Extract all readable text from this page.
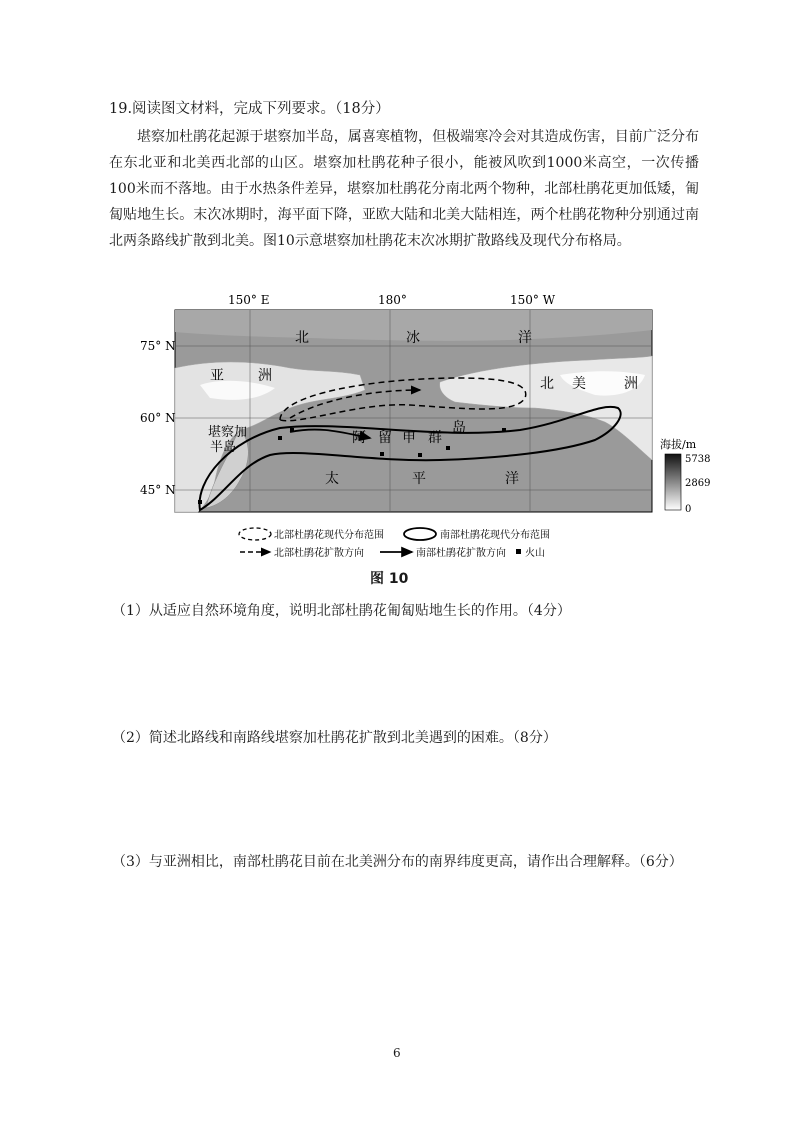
19.阅读图文材料，完成下列要求。（18分）
堪察加杜鹃花起源于堪察加半岛，属喜寒植物，但极端寒冷会对其造成伤害，目前广泛分布在东北亚和北美西北部的山区。堪察加杜鹃花种子很小，能被风吹到1000米高空，一次传播100米而不落地。由于水热条件差异，堪察加杜鹃花分南北两个物种，北部杜鹃花更加低矮，匍匐贴地生长。末次冰期时，海平面下降，亚欧大陆和北美大陆相连，两个杜鹃花物种分别通过南北两条路线扩散到北美。图10示意堪察加杜鹃花末次冰期扩散路线及现代分布格局。
150° E	180°	150° W
75° N
60° N
45° N
北	冰	洋
亚 洲	北 美	洲
堪察加
半岛
阿 留 申 群
岛
太	平	洋
海拔/m
5738
2869
0
北部杜鹃花现代分布范围	南部杜鹃花现代分布范围
北部杜鹃花扩散方向	南部杜鹃花扩散方向 火山
图 10
（1）从适应自然环境角度，说明北部杜鹃花匍匐贴地生长的作用。（4分）
（2）简述北路线和南路线堪察加杜鹃花扩散到北美遇到的困难。（8分）
（3）与亚洲相比，南部杜鹃花目前在北美洲分布的南界纬度更高，请作出合理解释。（6分）
6
